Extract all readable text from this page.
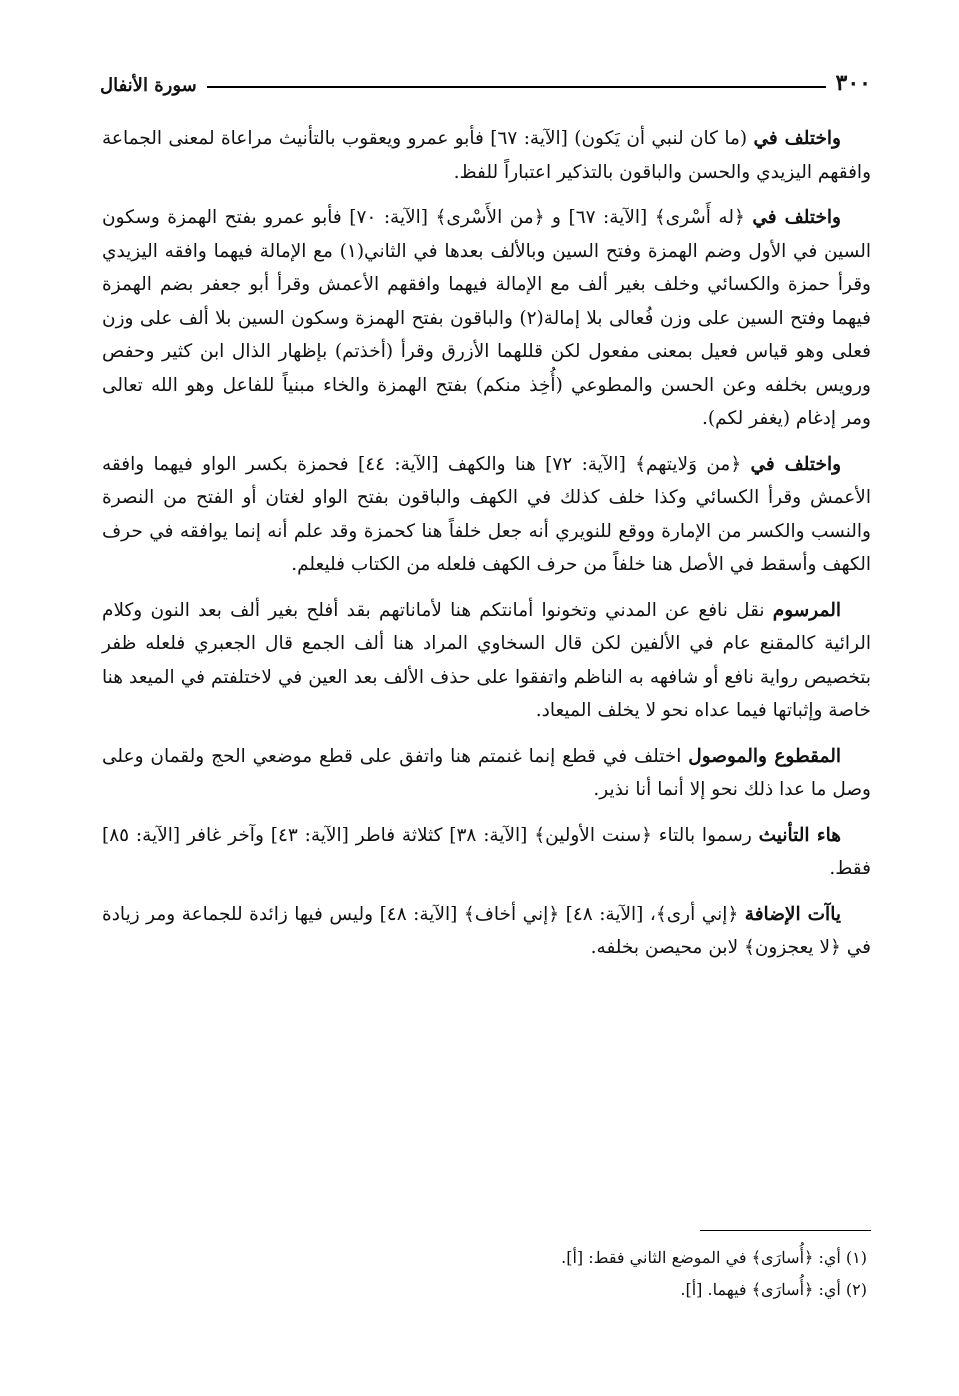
٣٠٠
سورة الأنفال

واختلف في (ما كان لنبي أن يَكون) [الآية: ٦٧] فأبو عمرو ويعقوب بالتأنيث مراعاة لمعنى الجماعة وافقهم اليزيدي والحسن والباقون بالتذكير اعتباراً للفظ.

واختلف في ﴿له أَسْرى﴾ [الآية: ٦٧] و ﴿من الأَسْرى﴾ [الآية: ٧٠] فأبو عمرو بفتح الهمزة وسكون السين في الأول وضم الهمزة وفتح السين وبالألف بعدها في الثاني(١) مع الإمالة فيهما وافقه اليزيدي وقرأ حمزة والكسائي وخلف بغير ألف مع الإمالة فيهما وافقهم الأعمش وقرأ أبو جعفر بضم الهمزة فيهما وفتح السين على وزن فُعالى بلا إمالة(٢) والباقون بفتح الهمزة وسكون السين بلا ألف على وزن فعلى وهو قياس فعيل بمعنى مفعول لكن قللهما الأزرق وقرأ (أخذتم) بإظهار الذال ابن كثير وحفص ورويس بخلفه وعن الحسن والمطوعي (أُخِذ منكم) بفتح الهمزة والخاء مبنياً للفاعل وهو الله تعالى ومر إدغام (يغفر لكم).

واختلف في ﴿من وَلايتهم﴾ [الآية: ٧٢] هنا والكهف [الآية: ٤٤] فحمزة بكسر الواو فيهما وافقه الأعمش وقرأ الكسائي وكذا خلف كذلك في الكهف والباقون بفتح الواو لغتان أو الفتح من النصرة والنسب والكسر من الإمارة ووقع للنويري أنه جعل خلفاً هنا كحمزة وقد علم أنه إنما يوافقه في حرف الكهف وأسقط في الأصل هنا خلفاً من حرف الكهف فلعله من الكتاب فليعلم.

المرسوم نقل نافع عن المدني وتخونوا أمانتكم هنا لأماناتهم بقد أفلح بغير ألف بعد النون وكلام الرائية كالمقنع عام في الألفين لكن قال السخاوي المراد هنا ألف الجمع قال الجعبري فلعله ظفر بتخصيص رواية نافع أو شافهه به الناظم واتفقوا على حذف الألف بعد العين في لاختلفتم في الميعد هنا خاصة وإثباتها فيما عداه نحو لا يخلف الميعاد.

المقطوع والموصول اختلف في قطع إنما غنمتم هنا واتفق على قطع موضعي الحج ولقمان وعلى وصل ما عدا ذلك نحو إلا أنما أنا نذير.

هاء التأنيث رسموا بالتاء ﴿سنت الأولين﴾ [الآية: ٣٨] كثلاثة فاطر [الآية: ٤٣] وآخر غافر [الآية: ٨٥] فقط.

ياآت الإضافة ﴿إني أرى﴾، [الآية: ٤٨] ﴿إني أخاف﴾ [الآية: ٤٨] وليس فيها زائدة للجماعة ومر زيادة في ﴿لا يعجزون﴾ لابن محيصن بخلفه.

(١) أي: ﴿أُسارَى﴾ في الموضع الثاني فقط: [أ].

(٢) أي: ﴿أُسارَى﴾ فيهما. [أ].
